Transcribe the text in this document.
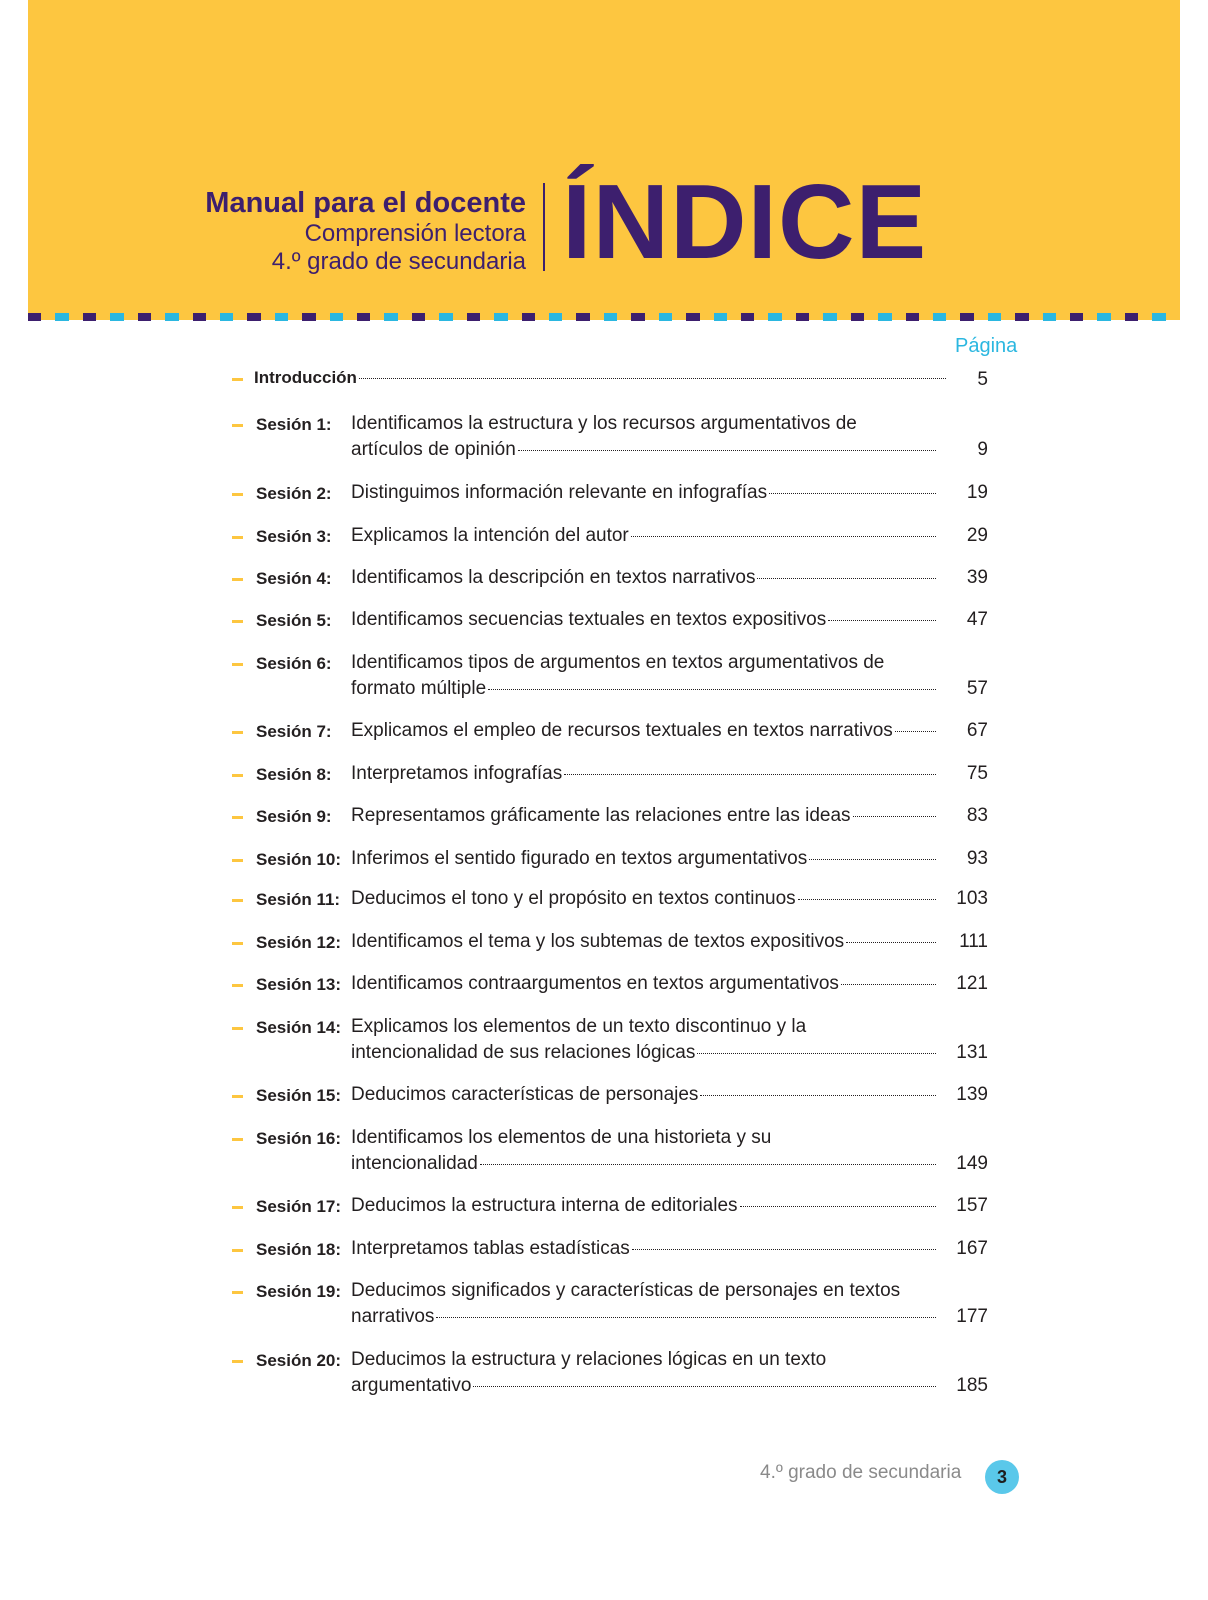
Manual para el docente
Comprensión lectora
4.º grado de secundaria ÍNDICE
Página
Introducción	5
Sesión 1: Identificamos la estructura y los recursos argumentativos de
artículos de opinión	9
Sesión 2: Distinguimos información relevante en infografías	19
Sesión 3: Explicamos la intención del autor	29
Sesión 4: Identificamos la descripción en textos narrativos	39
Sesión 5: Identificamos secuencias textuales en textos expositivos	47
Sesión 6: Identificamos tipos de argumentos en textos argumentativos de
formato múltiple	57
Sesión 7: Explicamos el empleo de recursos textuales en textos narrativos	67
Sesión 8: Interpretamos infografías	75
Sesión 9: Representamos gráficamente las relaciones entre las ideas	83
Sesión 10: Inferimos el sentido figurado en textos argumentativos	93
Sesión 11: Deducimos el tono y el propósito en textos continuos	103
Sesión 12: Identificamos el tema y los subtemas de textos expositivos	111
Sesión 13: Identificamos contraargumentos en textos argumentativos	121
Sesión 14: Explicamos los elementos de un texto discontinuo y la
intencionalidad de sus relaciones lógicas	131
Sesión 15: Deducimos características de personajes	139
Sesión 16: Identificamos los elementos de una historieta y su
intencionalidad	149
Sesión 17: Deducimos la estructura interna de editoriales	157
Sesión 18: Interpretamos tablas estadísticas	167
Sesión 19: Deducimos significados y características de personajes en textos
narrativos	177
Sesión 20: Deducimos la estructura y relaciones lógicas en un texto
argumentativo	185
4.º grado de secundaria	3
